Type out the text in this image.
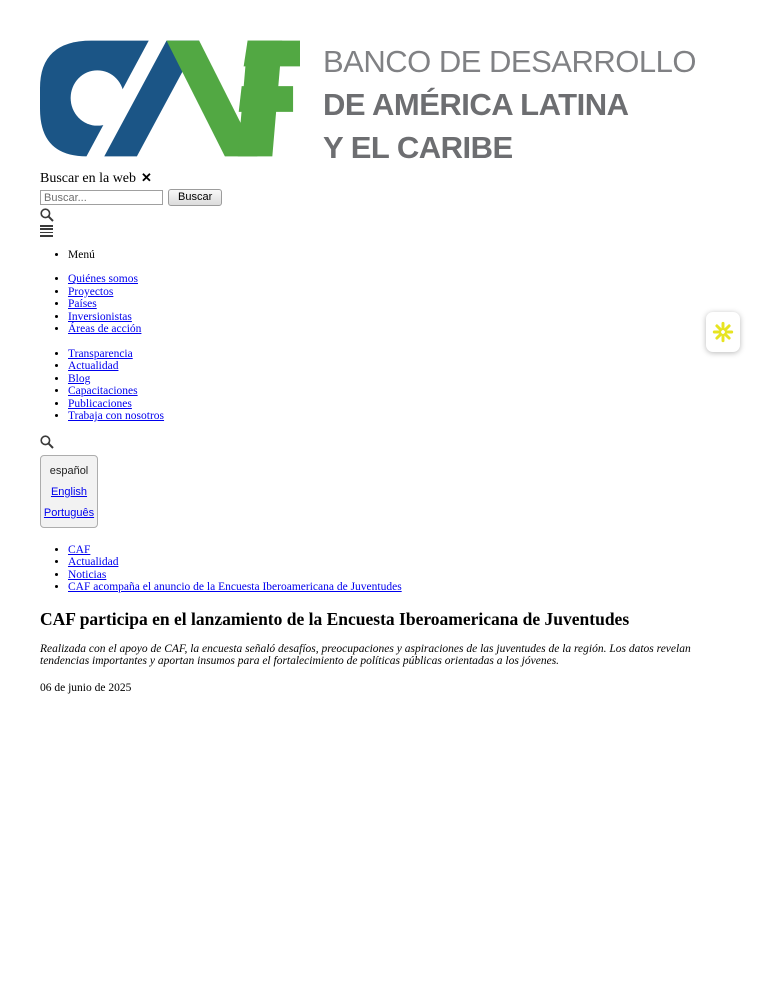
BANCO DE DESARROLLO
DE AMÉRICA LATINA
Y EL CARIBE
Buscar en la web ✕
Buscar...
Buscar
• Menú
• Quiénes somos
• Proyectos
• Países
• Inversionistas
• Áreas de acción
• Transparencia
• Actualidad
• Blog
• Capacitaciones
• Publicaciones
• Trabaja con nosotros
español
English
Português
• CAF
• Actualidad
• Noticias
• CAF acompaña el anuncio de la Encuesta Iberoamericana de Juventudes
CAF participa en el lanzamiento de la Encuesta Iberoamericana de Juventudes

Realizada con el apoyo de CAF, la encuesta señaló desafíos, preocupaciones y aspiraciones de las juventudes de la región. Los datos revelan tendencias importantes y aportan insumos para el fortalecimiento de políticas públicas orientadas a los jóvenes.

06 de junio de 2025
